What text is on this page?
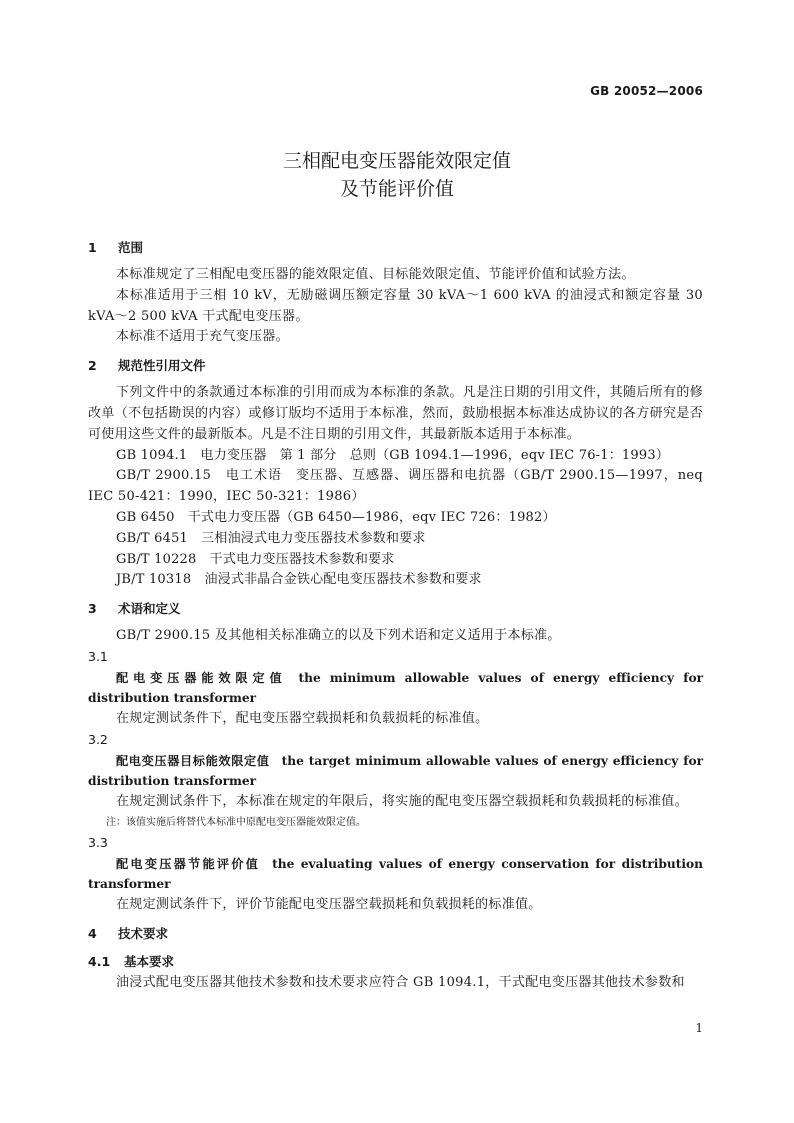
GB 20052—2006
三相配电变压器能效限定值
及节能评价值
1 范围

本标准规定了三相配电变压器的能效限定值、目标能效限定值、节能评价值和试验方法。

本标准适用于三相 10 kV，无励磁调压额定容量 30 kVA～1 600 kVA 的油浸式和额定容量 30 kVA～2 500 kVA 干式配电变压器。

本标准不适用于充气变压器。

2 规范性引用文件

下列文件中的条款通过本标准的引用而成为本标准的条款。凡是注日期的引用文件，其随后所有的修改单（不包括勘误的内容）或修订版均不适用于本标准，然而，鼓励根据本标准达成协议的各方研究是否可使用这些文件的最新版本。凡是不注日期的引用文件，其最新版本适用于本标准。

GB 1094.1　电力变压器　第 1 部分　总则（GB 1094.1—1996，eqv IEC 76-1：1993）

GB/T 2900.15　电工术语　变压器、互感器、调压器和电抗器（GB/T 2900.15—1997，neq IEC 50-421：1990，IEC 50-321：1986）

GB 6450　干式电力变压器（GB 6450—1986，eqv IEC 726：1982）

GB/T 6451　三相油浸式电力变压器技术参数和要求

GB/T 10228　干式电力变压器技术参数和要求

JB/T 10318　油浸式非晶合金铁心配电变压器技术参数和要求

3 术语和定义

GB/T 2900.15 及其他相关标准确立的以及下列术语和定义适用于本标准。

3.1

配电变压器能效限定值 the minimum allowable values of energy efficiency for distribution transformer

在规定测试条件下，配电变压器空载损耗和负载损耗的标准值。

3.2

配电变压器目标能效限定值 the target minimum allowable values of energy efficiency for distribution transformer

在规定测试条件下，本标准在规定的年限后，将实施的配电变压器空载损耗和负载损耗的标准值。

注：该值实施后将替代本标准中原配电变压器能效限定值。

3.3

配电变压器节能评价值 the evaluating values of energy conservation for distribution transformer

在规定测试条件下，评价节能配电变压器空载损耗和负载损耗的标准值。

4 技术要求
4.1 基本要求

油浸式配电变压器其他技术参数和技术要求应符合 GB 1094.1，干式配电变压器其他技术参数和

1
